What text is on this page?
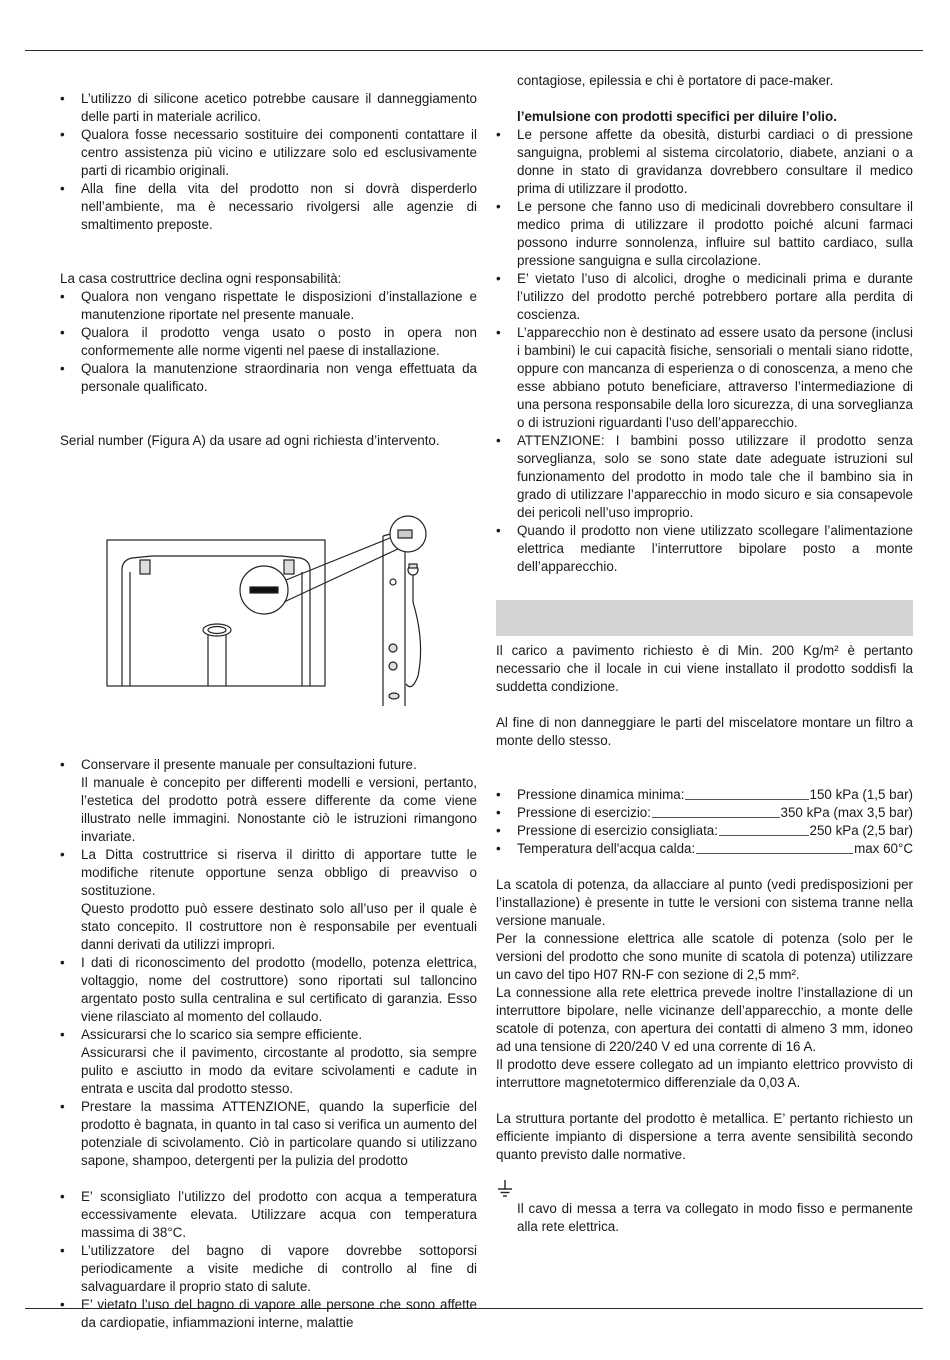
• L’utilizzo di silicone acetico potrebbe causare il danneggiamento delle parti in materiale acrilico.
• Qualora fosse necessario sostituire dei componenti contattare il centro assistenza più vicino e utilizzare solo ed esclusivamente parti di ricambio originali.
• Alla fine della vita del prodotto non si dovrà disperderlo nell’ambiente, ma è necessario rivolgersi alle agenzie di smaltimento preposte.

La casa costruttrice declina ogni responsabilità:

• Qualora non vengano rispettate le disposizioni d’installazione e manutenzione riportate nel presente manuale.
• Qualora il prodotto venga usato o posto in opera non conformemente alle norme vigenti nel paese di installazione.
• Qualora la manutenzione straordinaria non venga effettuata da personale qualificato.

Serial number (Figura A) da usare ad ogni richiesta d’intervento.

• Conservare il presente manuale per consultazioni future.
Il manuale è concepito per differenti modelli e versioni, pertanto, l’estetica del prodotto potrà essere differente da come viene illustrato nelle immagini. Nonostante ciò le istruzioni rimangono invariate.
• La Ditta costruttrice si riserva il diritto di apportare tutte le modifiche ritenute opportune senza obbligo di preavviso o sostituzione.
Questo prodotto può essere destinato solo all’uso per il quale è stato concepito. Il costruttore non è responsabile per eventuali danni derivati da utilizzi impropri.
• I dati di riconoscimento del prodotto (modello, potenza elettrica, voltaggio, nome del costruttore) sono riportati sul talloncino argentato posto sulla centralina e sul certificato di garanzia. Esso viene rilasciato al momento del collaudo.
• Assicurarsi che lo scarico sia sempre efficiente.
Assicurarsi che il pavimento, circostante al prodotto, sia sempre pulito e asciutto in modo da evitare scivolamenti e cadute in entrata e uscita dal prodotto stesso.
• Prestare la massima ATTENZIONE, quando la superficie del prodotto è bagnata, in quanto in tal caso si verifica un aumento del potenziale di scivolamento. Ciò in particolare quando si utilizzano sapone, shampoo, detergenti per la pulizia del prodotto
• E’ sconsigliato l’utilizzo del prodotto con acqua a temperatura eccessivamente elevata. Utilizzare acqua con temperatura massima di 38°C.
• L’utilizzatore del bagno di vapore dovrebbe sottoporsi periodicamente a visite mediche di controllo al fine di salvaguardare il proprio stato di salute.
• E’ vietato l’uso del bagno di vapore alle persone che sono affette da cardiopatie, infiammazioni interne, malattie

contagiose, epilessia e chi è portatore di pace-maker.

l’emulsione con prodotti specifici per diluire l’olio.

• Le persone affette da obesità, disturbi cardiaci o di pressione sanguigna, problemi al sistema circolatorio, diabete, anziani o a donne in stato di gravidanza dovrebbero consultare il medico prima di utilizzare il prodotto.
• Le persone che fanno uso di medicinali dovrebbero consultare il medico prima di utilizzare il prodotto poiché alcuni farmaci possono indurre sonnolenza, influire sul battito cardiaco, sulla pressione sanguigna e sulla circolazione.
• E’ vietato l’uso di alcolici, droghe o medicinali prima e durante l’utilizzo del prodotto perché potrebbero portare alla perdita di coscienza.
• L’apparecchio non è destinato ad essere usato da persone (inclusi i bambini) le cui capacità fisiche, sensoriali o mentali siano ridotte, oppure con mancanza di esperienza o di conoscenza, a meno che esse abbiano potuto beneficiare, attraverso l’intermediazione di una persona responsabile della loro sicurezza, di una sorveglianza o di istruzioni riguardanti l’uso dell’apparecchio.
• ATTENZIONE: I bambini posso utilizzare il prodotto senza sorveglianza, solo se sono state date adeguate istruzioni sul funzionamento del prodotto in modo tale che il bambino sia in grado di utilizzare l’apparecchio in modo sicuro e sia consapevole dei pericoli nell’uso improprio.
• Quando il prodotto non viene utilizzato scollegare l’alimentazione elettrica mediante l’interruttore bipolare posto a monte dell’apparecchio.

Il carico a pavimento richiesto è di Min. 200 Kg/m² è pertanto necessario che il locale in cui viene installato il prodotto soddisfi la suddetta condizione.

Al fine di non danneggiare le parti del miscelatore montare un filtro a monte dello stesso.

• Pressione dinamica minima:	150 kPa (1,5 bar)
• Pressione di esercizio:	350 kPa (max 3,5 bar)
• Pressione di esercizio consigliata:	250 kPa (2,5 bar)
• Temperatura dell'acqua calda:	max 60°C

La scatola di potenza, da allacciare al punto (vedi predisposizioni per l’installazione) è presente in tutte le versioni con sistema tranne nella versione manuale.

Per la connessione elettrica alle scatole di potenza (solo per le versioni del prodotto che sono munite di scatola di potenza) utilizzare un cavo del tipo H07 RN-F con sezione di 2,5 mm².

La connessione alla rete elettrica prevede inoltre l’installazione di un interruttore bipolare, nelle vicinanze dell’apparecchio, a monte delle scatole di potenza, con apertura dei contatti di almeno 3 mm, idoneo ad una tensione di 220/240 V ed una corrente di 16 A.

Il prodotto deve essere collegato ad un impianto elettrico provvisto di interruttore magnetotermico differenziale da 0,03 A.

La struttura portante del prodotto è metallica. E’ pertanto richiesto un efficiente impianto di dispersione a terra avente sensibilità secondo quanto previsto dalle normative.

Il cavo di messa a terra va collegato in modo fisso e permanente alla rete elettrica.
